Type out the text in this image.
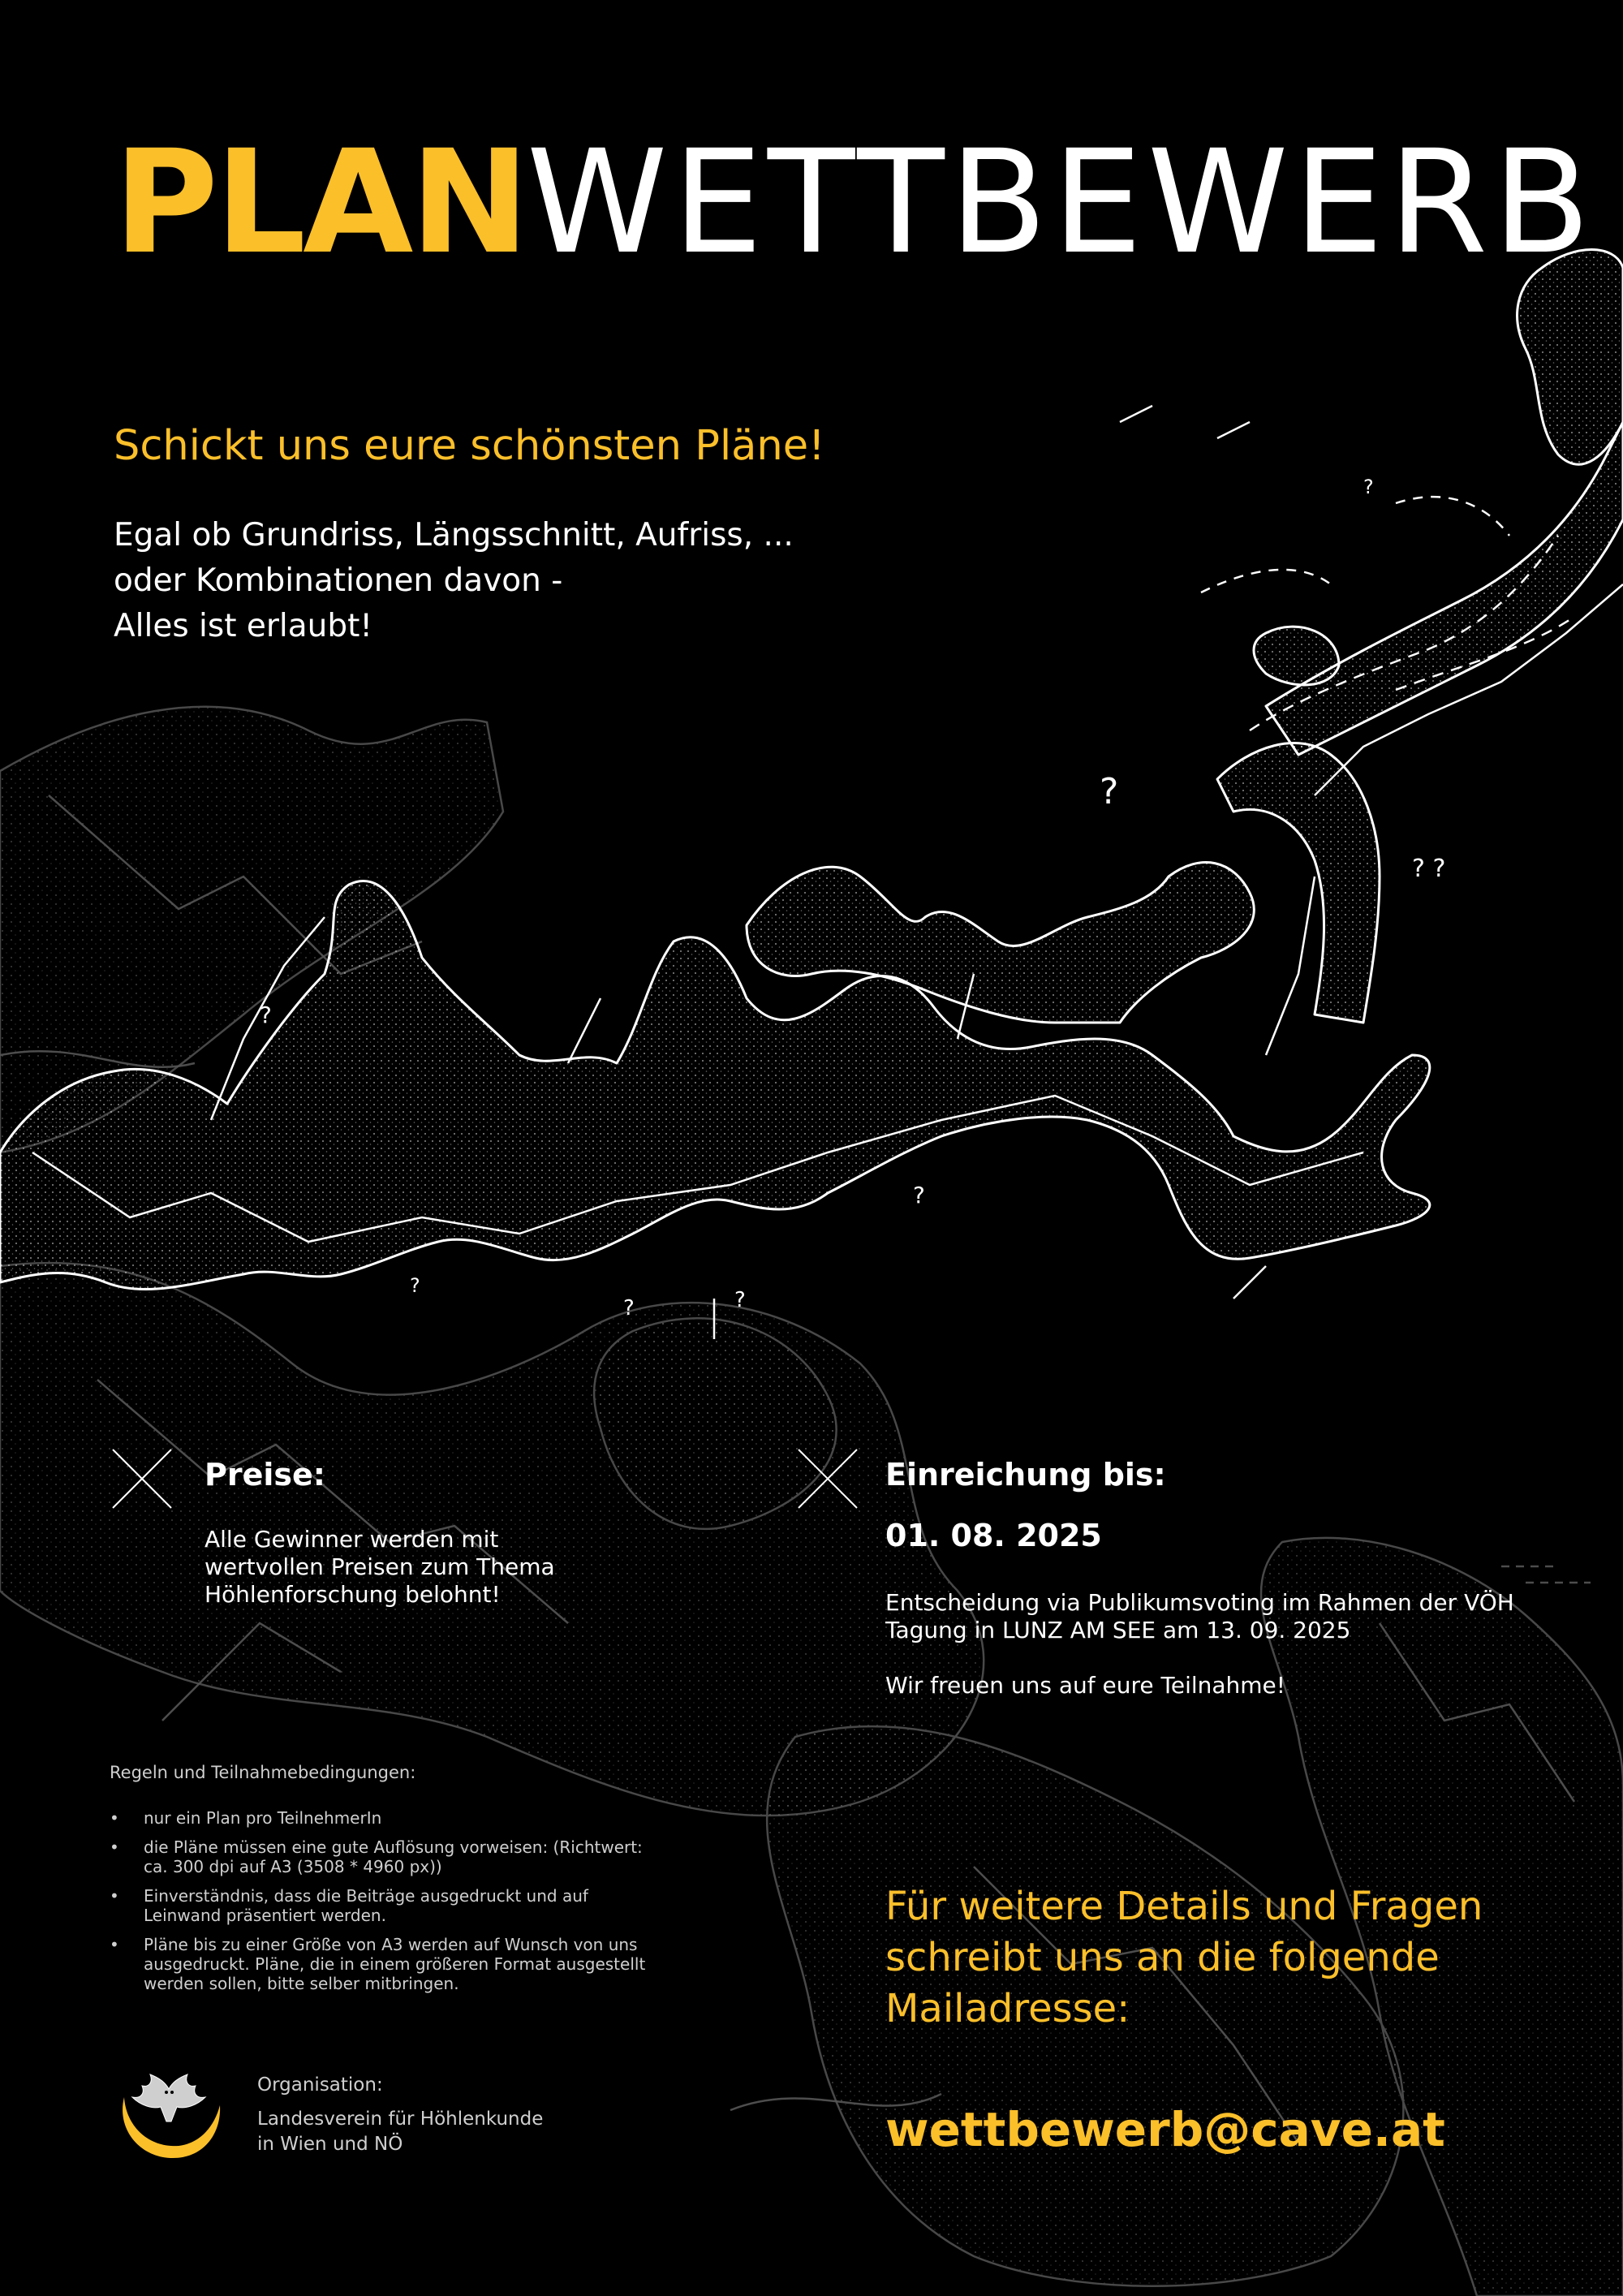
?
? ?
?
?
?
?
?
?
PLANWETTBEWERB
Schickt uns eure schönsten Pläne!
Egal ob Grundriss, Längsschnitt, Aufriss, ...
oder Kombinationen davon -
Alles ist erlaubt!
Preise:
Alle Gewinner werden mit wertvollen Preisen zum Thema Höhlenforschung belohnt!
Einreichung bis:
01. 08. 2025
Entscheidung via Publikumsvoting im Rahmen der VÖH Tagung in LUNZ AM SEE am 13. 09. 2025
Wir freuen uns auf eure Teilnahme!
Regeln und Teilnahmebedingungen:
• nur ein Plan pro TeilnehmerIn
• die Pläne müssen eine gute Auflösung vorweisen: (Richtwert: ca. 300 dpi auf A3 (3508 * 4960 px))
• Einverständnis, dass die Beiträge ausgedruckt und auf Leinwand präsentiert werden.
• Pläne bis zu einer Größe von A3 werden auf Wunsch von uns ausgedruckt. Pläne, die in einem größeren Format ausgestellt werden sollen, bitte selber mitbringen.
Organisation:
Landesverein für Höhlenkunde
in Wien und NÖ
Für weitere Details und Fragen schreibt uns an die folgende Mailadresse:
wettbewerb@cave.at
